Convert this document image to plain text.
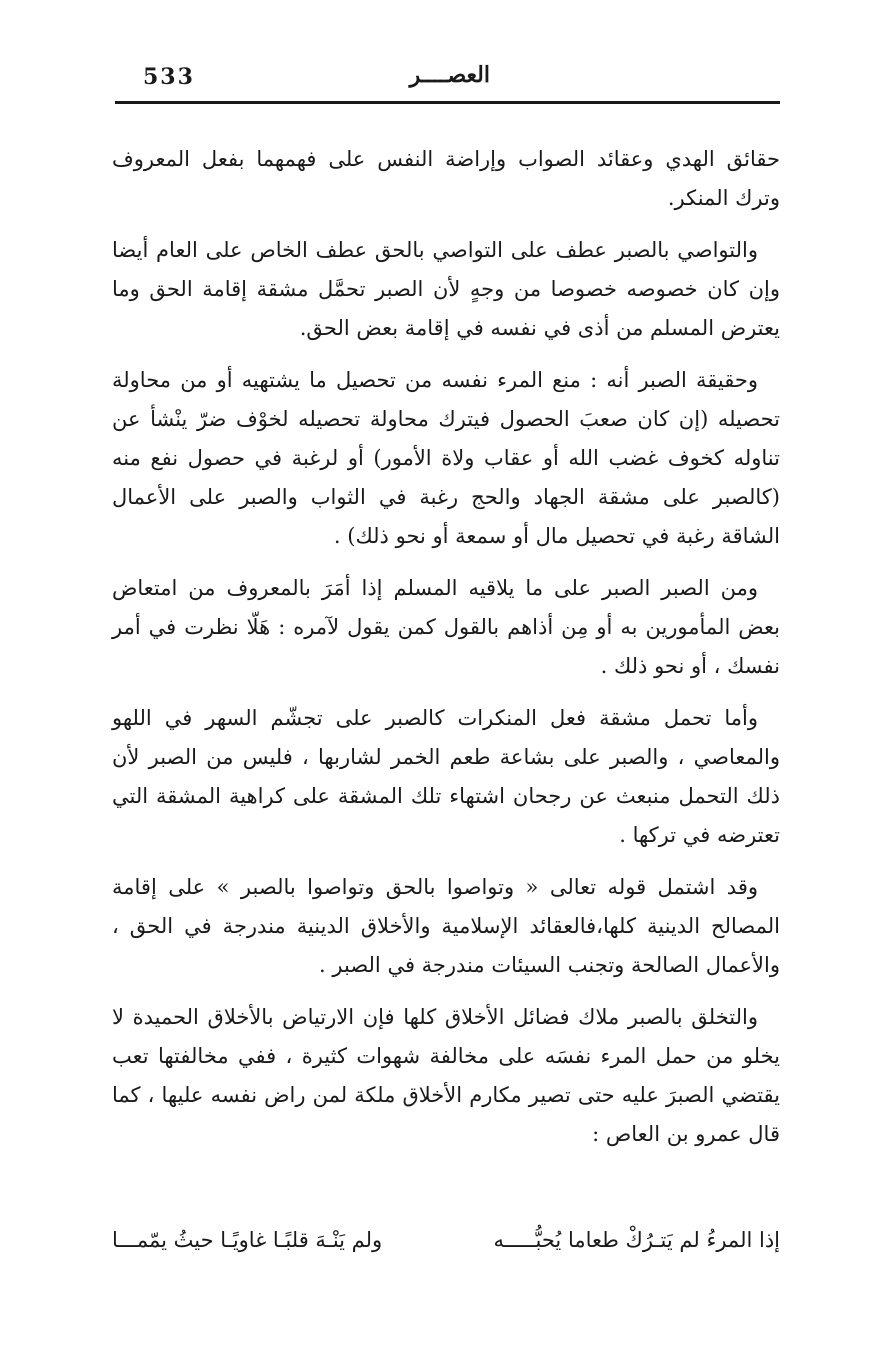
533	العصــــر

حقائق الهدي وعقائد الصواب وإراضة النفس على فهمهما بفعل المعروف وترك المنكر.

والتواصي بالصبر عطف على التواصي بالحق عطف الخاص على العام أيضا وإن كان خصوصه خصوصا من وجهٍ لأن الصبر تحمَّل مشقة إقامة الحق وما يعترض المسلم من أذى في نفسه في إقامة بعض الحق.

وحقيقة الصبر أنه : منع المرء نفسه من تحصيل ما يشتهيه أو من محاولة تحصيله (إن كان صعبَ الحصول فيترك محاولة تحصيله لخوْف ضرّ ينْشأ عن تناوله كخوف غضب الله أو عقاب ولاة الأمور) أو لرغبة في حصول نفع منه (كالصبر على مشقة الجهاد والحج رغبة في الثواب والصبر على الأعمال الشاقة رغبة في تحصيل مال أو سمعة أو نحو ذلك) .

ومن الصبر الصبر على ما يلاقيه المسلم إذا أمَرَ بالمعروف من امتعاض بعض المأمورين به أو مِن أذاهم بالقول كمن يقول لآمره : هَلّا نظرت في أمر نفسك ، أو نحو ذلك .

وأما تحمل مشقة فعل المنكرات كالصبر على تجشّم السهر في اللهو والمعاصي ، والصبر على بشاعة طعم الخمر لشاربها ، فليس من الصبر لأن ذلك التحمل منبعث عن رجحان اشتهاء تلك المشقة على كراهية المشقة التي تعترضه في تركها .

وقد اشتمل قوله تعالى « وتواصوا بالحق وتواصوا بالصبر » على إقامة المصالح الدينية كلها،فالعقائد الإسلامية والأخلاق الدينية مندرجة في الحق ، والأعمال الصالحة وتجنب السيئات مندرجة في الصبر .

والتخلق بالصبر ملاك فضائل الأخلاق كلها فإن الارتياض بالأخلاق الحميدة لا يخلو من حمل المرء نفسَه على مخالفة شهوات كثيرة ، ففي مخالفتها تعب يقتضي الصبرَ عليه حتى تصير مكارم الأخلاق ملكة لمن راض نفسه عليها ، كما قال عمرو بن العاص :

إذا المرءُ لم يَتـرُكْ طعاما يُحبُّـــــه
ولم يَنْـهَ قلبًـا غاويًـا حيثُ يمّمـــا
